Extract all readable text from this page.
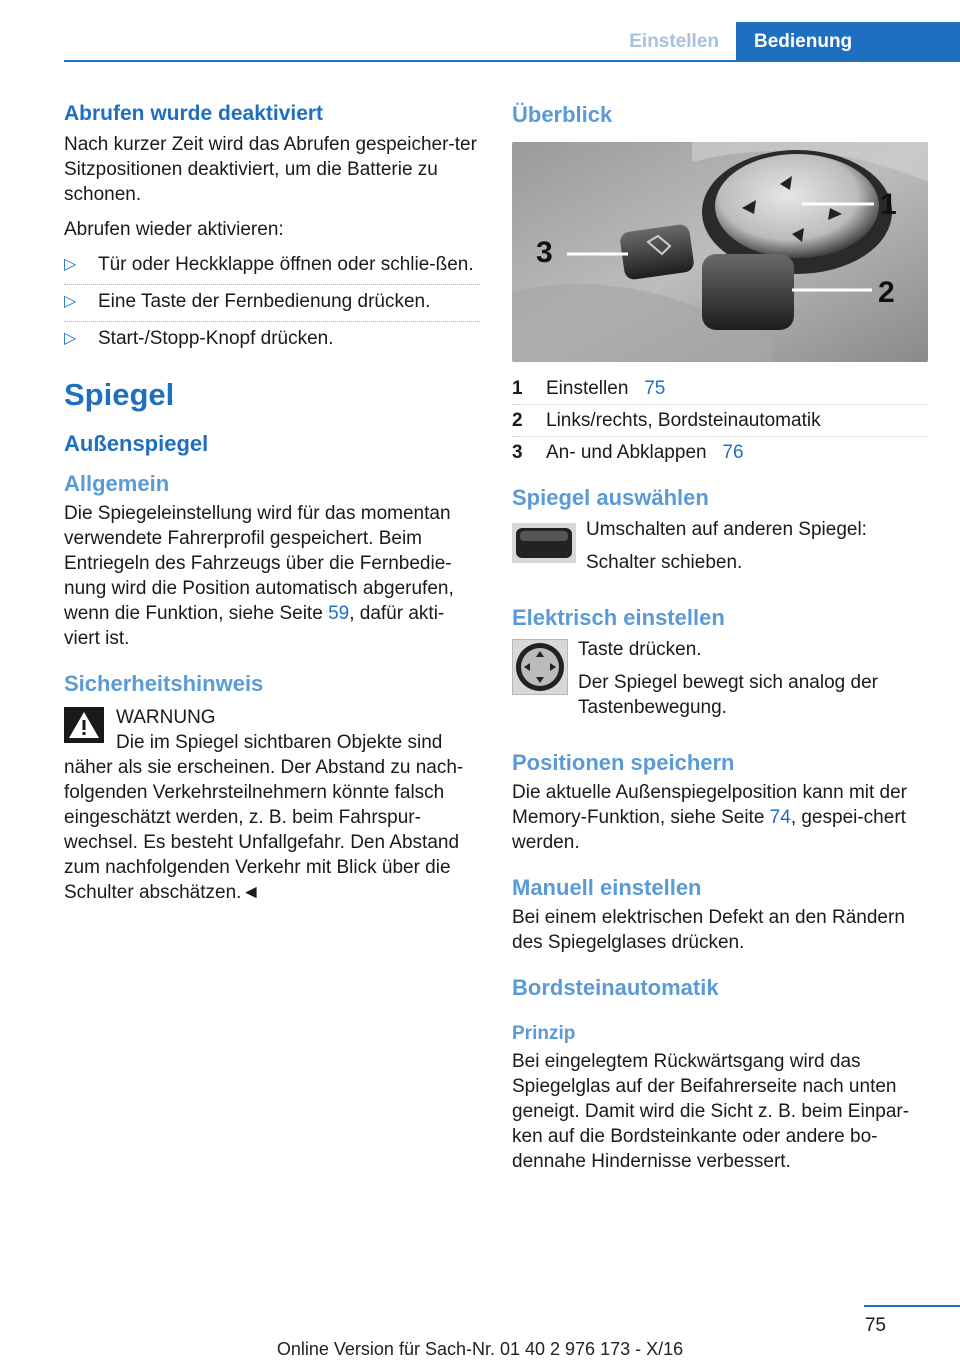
Einstellen	Bedienung
Abrufen wurde deaktiviert

Nach kurzer Zeit wird das Abrufen gespeicher-ter Sitzpositionen deaktiviert, um die Batterie zu schonen.

Abrufen wieder aktivieren:

▷ Tür oder Heckklappe öffnen oder schlie-ßen.
▷ Eine Taste der Fernbedienung drücken.
▷ Start-/Stopp-Knopf drücken.
Spiegel
Außenspiegel
Allgemein

Die Spiegeleinstellung wird für das momentan verwendete Fahrerprofil gespeichert. Beim Entriegeln des Fahrzeugs über die Fernbedie-nung wird die Position automatisch abgerufen, wenn die Funktion, siehe Seite 59, dafür akti-viert ist.

Sicherheitshinweis
WARNUNG
Die im Spiegel sichtbaren Objekte sind
näher als sie erscheinen. Der Abstand zu nach-folgenden Verkehrsteilnehmern könnte falsch eingeschätzt werden, z. B. beim Fahrspur-wechsel. Es besteht Unfallgefahr. Den Abstand zum nachfolgenden Verkehr mit Blick über die Schulter abschätzen.◄
Überblick
1
2
3
1 Einstellen 75
2 Links/rechts, Bordsteinautomatik
3 An- und Abklappen 76
Spiegel auswählen
Umschalten auf anderen Spiegel:
Schalter schieben.
Elektrisch einstellen
Taste drücken.
Der Spiegel bewegt sich analog der Tastenbewegung.
Positionen speichern

Die aktuelle Außenspiegelposition kann mit der Memory-Funktion, siehe Seite 74, gespei-chert werden.

Manuell einstellen

Bei einem elektrischen Defekt an den Rändern des Spiegelglases drücken.

Bordsteinautomatik
Prinzip

Bei eingelegtem Rückwärtsgang wird das Spiegelglas auf der Beifahrerseite nach unten geneigt. Damit wird die Sicht z. B. beim Einpar-ken auf die Bordsteinkante oder andere bo-dennahe Hindernisse verbessert.

75
Online Version für Sach-Nr. 01 40 2 976 173 - X/16
